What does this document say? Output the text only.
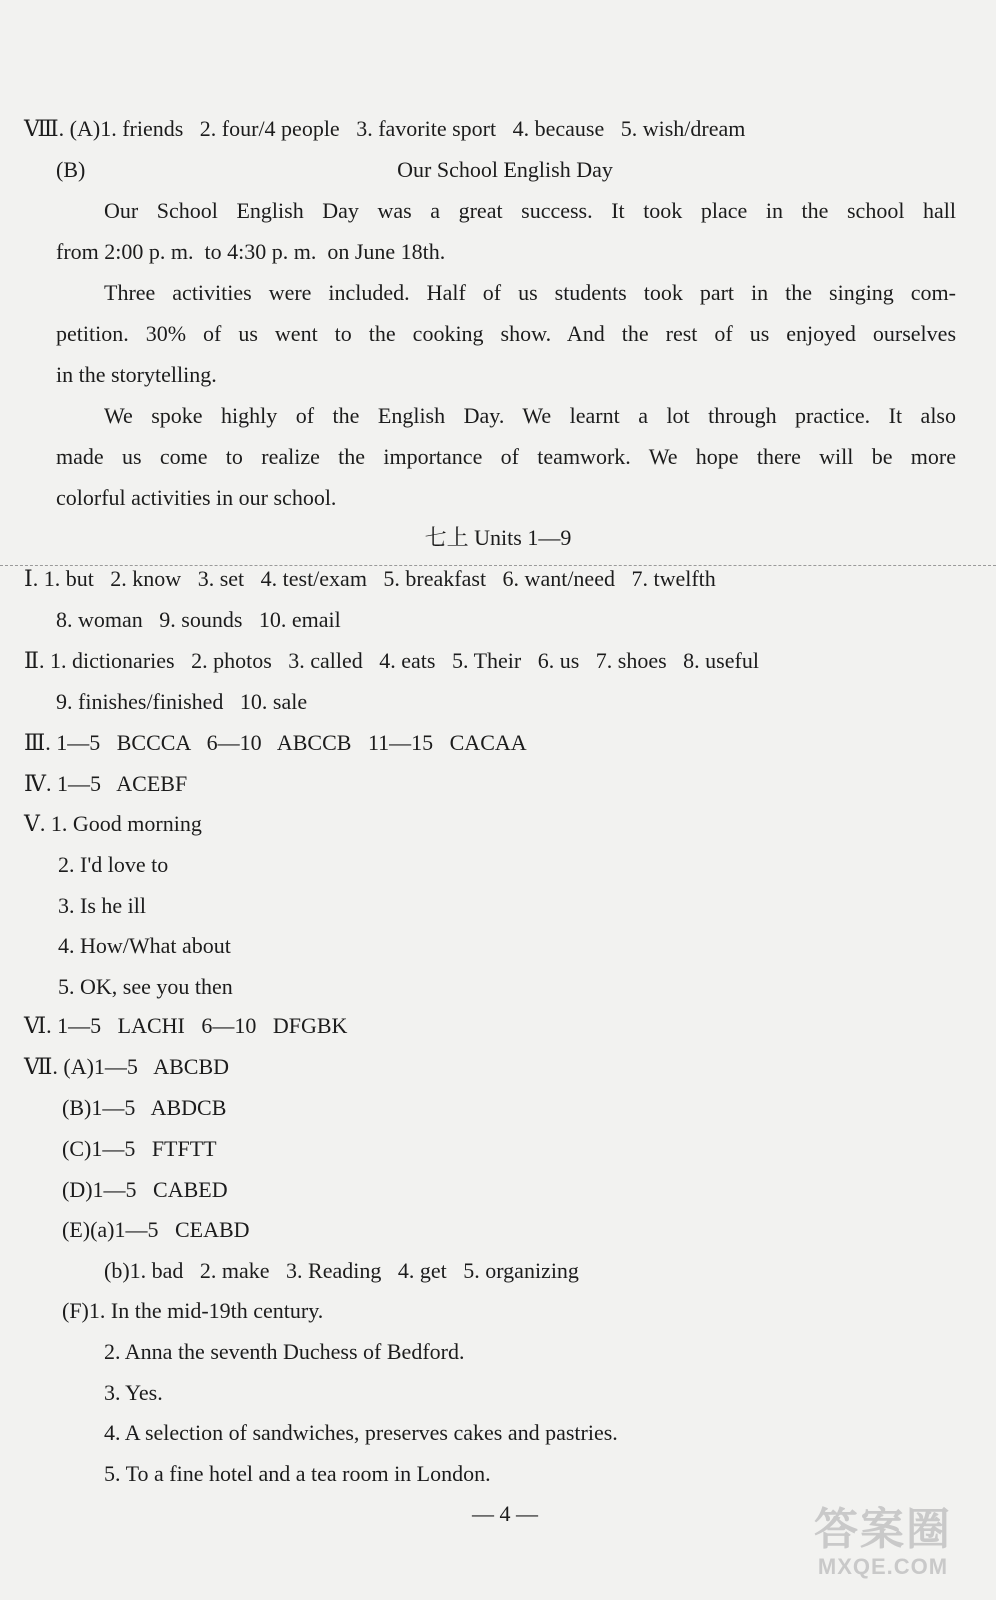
Ⅷ. (A)1. friends   2. four/4 people   3. favorite sport   4. because   5. wish/dream
(B)	Our School English Day
Our School English Day was a great success. It took place in the school hall
from 2:00 p. m.  to 4:30 p. m.  on June 18th.
Three activities were included. Half of us students took part in the singing com-
petition. 30% of us went to the cooking show. And the rest of us enjoyed ourselves
in the storytelling.
We spoke highly of the English Day. We learnt a lot through practice. It also
made us come to realize the importance of teamwork. We hope there will be more
colorful activities in our school.
七上 Units 1—9
Ⅰ. 1. but   2. know   3. set   4. test/exam   5. breakfast   6. want/need   7. twelfth
8. woman   9. sounds   10. email
Ⅱ. 1. dictionaries   2. photos   3. called   4. eats   5. Their   6. us   7. shoes   8. useful
9. finishes/finished   10. sale
Ⅲ. 1—5   BCCCA   6—10   ABCCB   11—15   CACAA
Ⅳ. 1—5   ACEBF
Ⅴ. 1. Good morning
2. I'd love to
3. Is he ill
4. How/What about
5. OK, see you then
Ⅵ. 1—5   LACHI   6—10   DFGBK
Ⅶ. (A)1—5   ABCBD
(B)1—5   ABDCB
(C)1—5   FTFTT
(D)1—5   CABED
(E)(a)1—5   CEABD
(b)1. bad   2. make   3. Reading   4. get   5. organizing
(F)1. In the mid-19th century.
2. Anna the seventh Duchess of Bedford.
3. Yes.
4. A selection of sandwiches, preserves cakes and pastries.
5. To a fine hotel and a tea room in London.
— 4 —	答案圈
MXQE.COM
